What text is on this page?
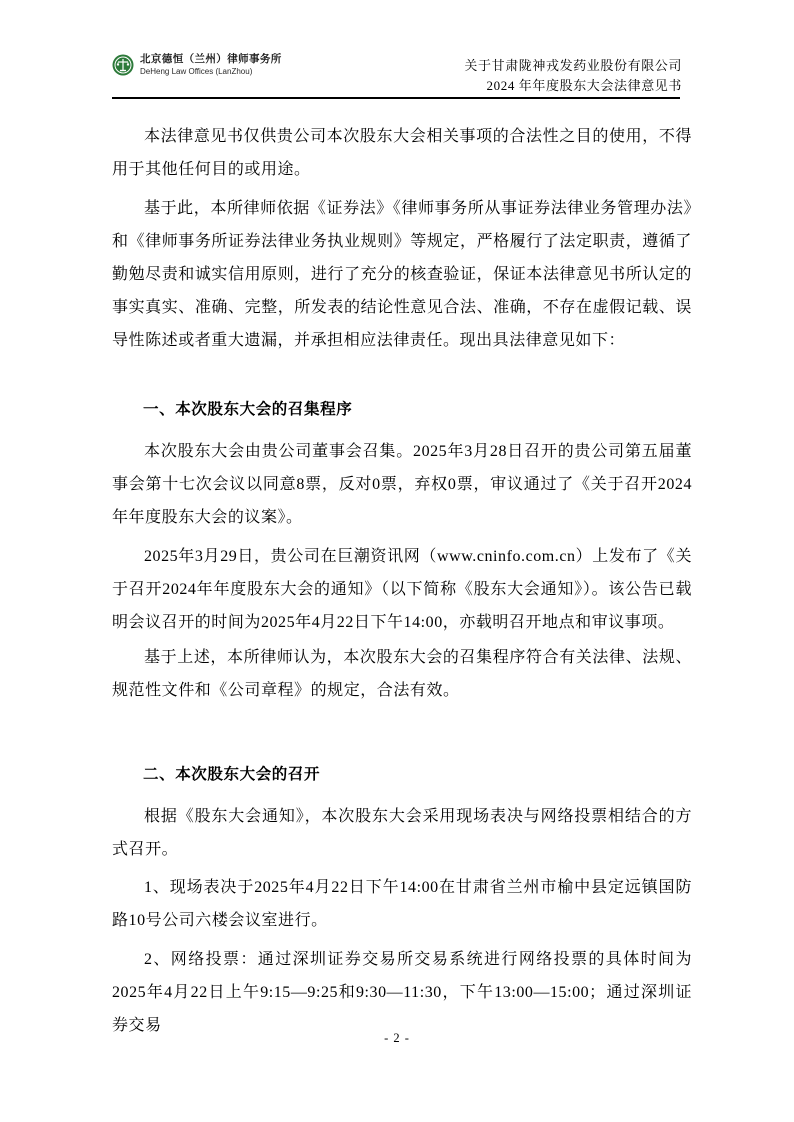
北京德恒（兰州）律师事务所
DeHeng Law Offices (LanZhou)	关于甘肃陇神戎发药业股份有限公司
2024 年年度股东大会法律意见书

本法律意见书仅供贵公司本次股东大会相关事项的合法性之目的使用，不得用于其他任何目的或用途。

基于此，本所律师依据《证券法》《律师事务所从事证券法律业务管理办法》和《律师事务所证券法律业务执业规则》等规定，严格履行了法定职责，遵循了勤勉尽责和诚实信用原则，进行了充分的核查验证，保证本法律意见书所认定的事实真实、准确、完整，所发表的结论性意见合法、准确，不存在虚假记载、误导性陈述或者重大遗漏，并承担相应法律责任。现出具法律意见如下：

一、本次股东大会的召集程序

本次股东大会由贵公司董事会召集。2025年3月28日召开的贵公司第五届董事会第十七次会议以同意8票，反对0票，弃权0票，审议通过了《关于召开2024年年度股东大会的议案》。

2025年3月29日，贵公司在巨潮资讯网（www.cninfo.com.cn）上发布了《关于召开2024年年度股东大会的通知》（以下简称《股东大会通知》）。该公告已载明会议召开的时间为2025年4月22日下午14:00，亦载明召开地点和审议事项。

基于上述，本所律师认为，本次股东大会的召集程序符合有关法律、法规、规范性文件和《公司章程》的规定，合法有效。

二、本次股东大会的召开

根据《股东大会通知》，本次股东大会采用现场表决与网络投票相结合的方式召开。

1、现场表决于2025年4月22日下午14:00在甘肃省兰州市榆中县定远镇国防路10号公司六楼会议室进行。

2、网络投票：通过深圳证券交易所交易系统进行网络投票的具体时间为2025年4月22日上午9:15—9:25和9:30—11:30，下午13:00—15:00；通过深圳证券交易

- 2 -
